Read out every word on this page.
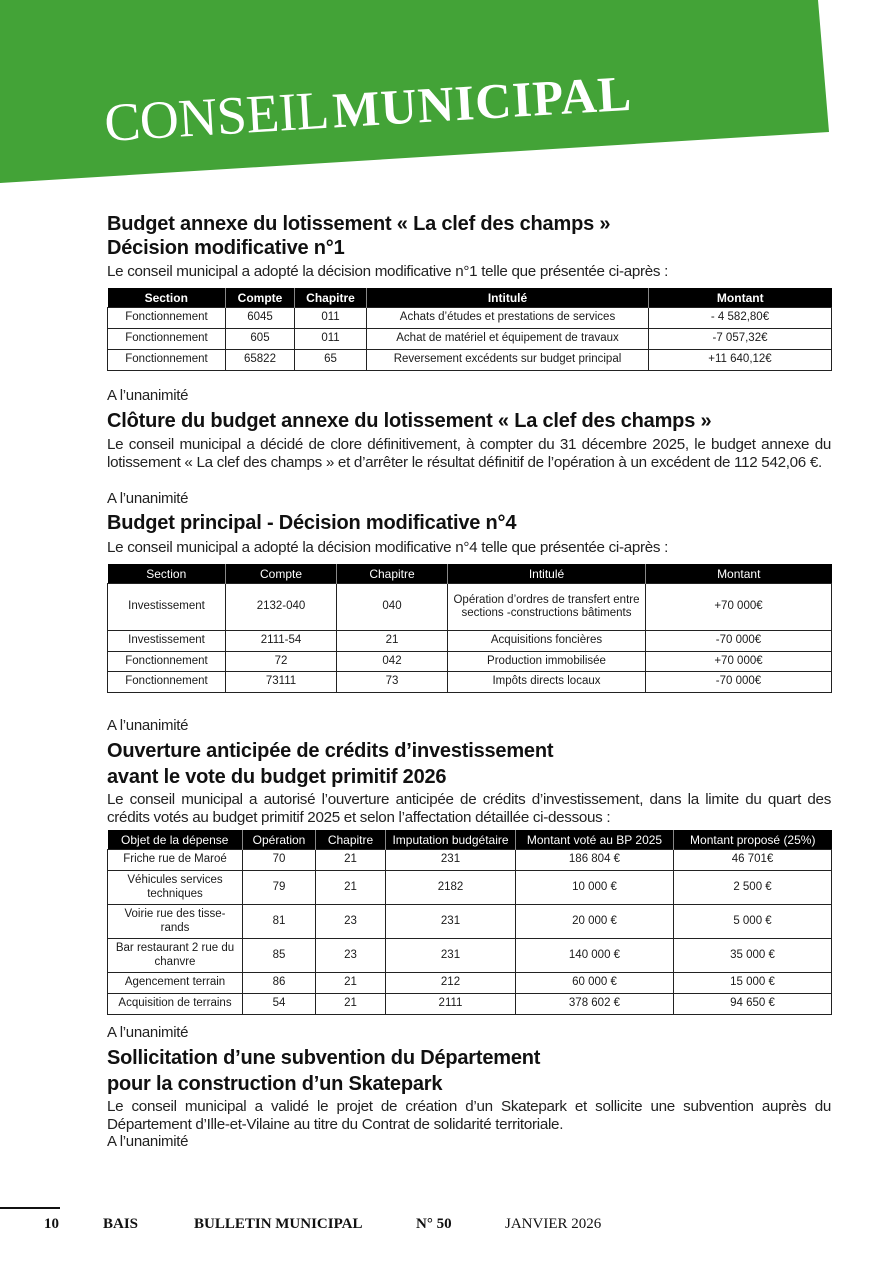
CONSEIL MUNICIPAL
Budget annexe du lotissement « La clef des champs »
Décision modificative n°1

Le conseil municipal a adopté la décision modificative n°1 telle que présentée ci-après :

Section	Compte	Chapitre	Intitulé	Montant
Fonctionnement	6045	011	Achats d’études et prestations de services	- 4 582,80€
Fonctionnement	605	011	Achat de matériel et équipement de travaux	-7 057,32€
Fonctionnement	65822	65	Reversement excédents sur budget principal	+11 640,12€

A l’unanimité

Clôture du budget annexe du lotissement « La clef des champs »

Le conseil municipal a décidé de clore définitivement, à compter du 31 décembre 2025, le budget annexe du lotissement « La clef des champs » et d’arrêter le résultat définitif de l’opération à un excédent de 112 542,06 €.

A l’unanimité

Budget principal - Décision modificative n°4

Le conseil municipal a adopté la décision modificative n°4 telle que présentée ci-après :

Section	Compte	Chapitre	Intitulé	Montant
Investissement	2132-040	040	Opération d’ordres de transfert entre sections -constructions bâtiments	+70 000€
Investissement	2111-54	21	Acquisitions foncières	-70 000€
Fonctionnement	72	042	Production immobilisée	+70 000€
Fonctionnement	73111	73	Impôts directs locaux	-70 000€

A l’unanimité

Ouverture anticipée de crédits d’investissement
avant le vote du budget primitif 2026

Le conseil municipal a autorisé l’ouverture anticipée de crédits d’investissement, dans la limite du quart des crédits votés au budget primitif 2025 et selon l’affectation détaillée ci-dessous :

Objet de la dépense	Opération	Chapitre	Imputation budgétaire	Montant voté au BP 2025	Montant proposé (25%)
Friche rue de Maroé	70	21	231	186 804 €	46 701€
Véhicules services techniques	79	21	2182	10 000 €	2 500 €
Voirie rue des tisse-rands	81	23	231	20 000 €	5 000 €
Bar restaurant 2 rue du chanvre	85	23	231	140 000 €	35 000 €
Agencement terrain	86	21	212	60 000 €	15 000 €
Acquisition de terrains	54	21	2111	378 602 €	94 650 €

A l’unanimité

Sollicitation d’une subvention du Département
pour la construction d’un Skatepark

Le conseil municipal a validé le projet de création d’un Skatepark et sollicite une subvention auprès du Département d’Ille-et-Vilaine au titre du Contrat de solidarité territoriale.

A l’unanimité

10	BAIS	BULLETIN MUNICIPAL	N° 50	JANVIER 2026
